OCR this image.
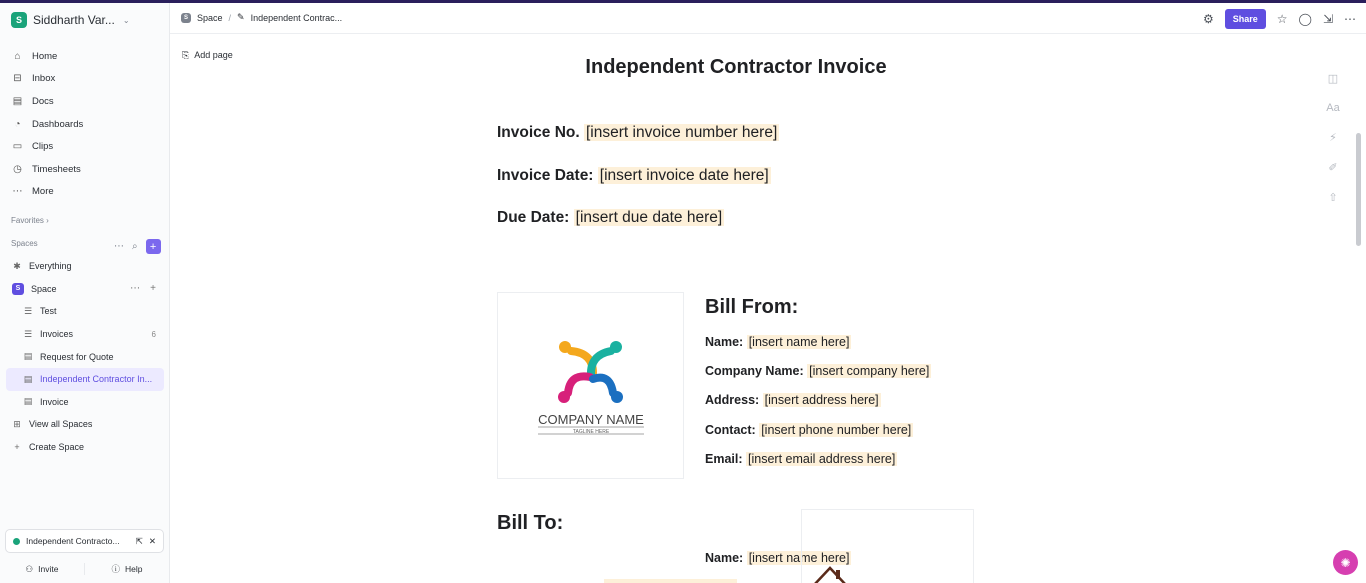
S Siddharth Var... ⌄
⌂	Home
⊟ Inbox
▤ Docs
◔	Dashboards
▭ Clips
◷ Timesheets
⋯ More
Favorites ›
Spaces	⋯ ⌕	+
✱ Everything
S	Space	⋯ +
☰ Test
☰ Invoices	6
▤ Request for Quote
▤ Independent Contractor In...
▤ Invoice
⊞ View all Spaces
+ Create Space
Independent Contracto...	⇱ ✕
⚇ Invite	ⓘ Help
S	Space / ✎ Independent Contrac...	⚙	Share	☆ ◯ ⇲ ⋯
⎘ Add page
Independent Contractor Invoice
Invoice No. [insert invoice number here]
Invoice Date: [insert invoice date here]
Due Date: [insert due date here]
COMPANY NAME
TAGLINE HERE
Bill From:
Name: [insert name here]
Company Name: [insert company here]
Address: [insert address here]
Contact: [insert phone number here]
Email: [insert email address here]
Bill To:
Name: [insert name here]
◫
Aa
⚡
✐
⇧
✺
